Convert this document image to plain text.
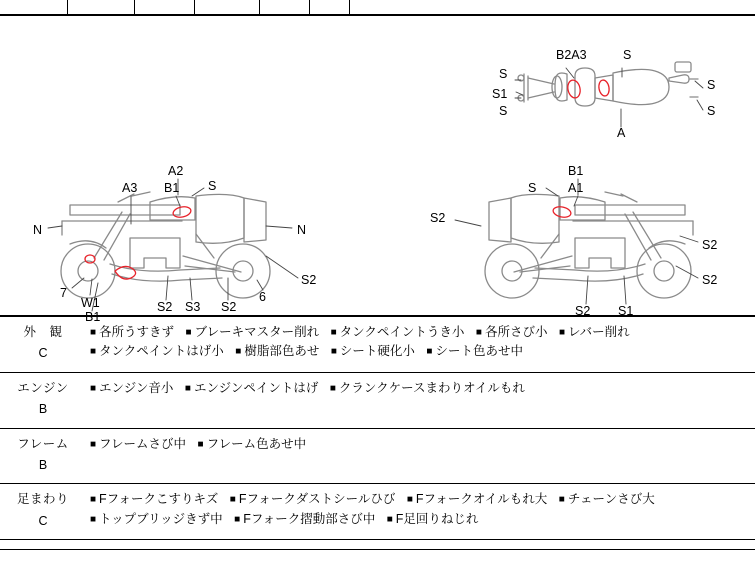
B2A3	S
S
S
S1
S	S
A
A2
A3 B1 S
N	N
S2
7	6
W1	S2 S3 S2
B1
B1
S	A1
S2
S2
S2
S2 S1
外　観
C	■ 各所うすきず ■ ブレーキマスター削れ ■ タンクペイントうき小 ■ 各所さび小 ■ レバー削れ ■ タンクペイントはげ小 ■ 樹脂部色あせ ■ シート硬化小 ■ シート色あせ中

エンジン
B	■ エンジン音小 ■ エンジンペイントはげ ■ クランクケースまわりオイルもれ

フレーム
B	■ フレームさび中 ■ フレーム色あせ中

足まわり
C	■ Fフォークこすりキズ ■ Fフォークダストシールひび ■ Fフォークオイルもれ大 ■ チェーンさび大 ■ トップブリッジきず中 ■ Fフォーク摺動部さび中 ■ F足回りねじれ
